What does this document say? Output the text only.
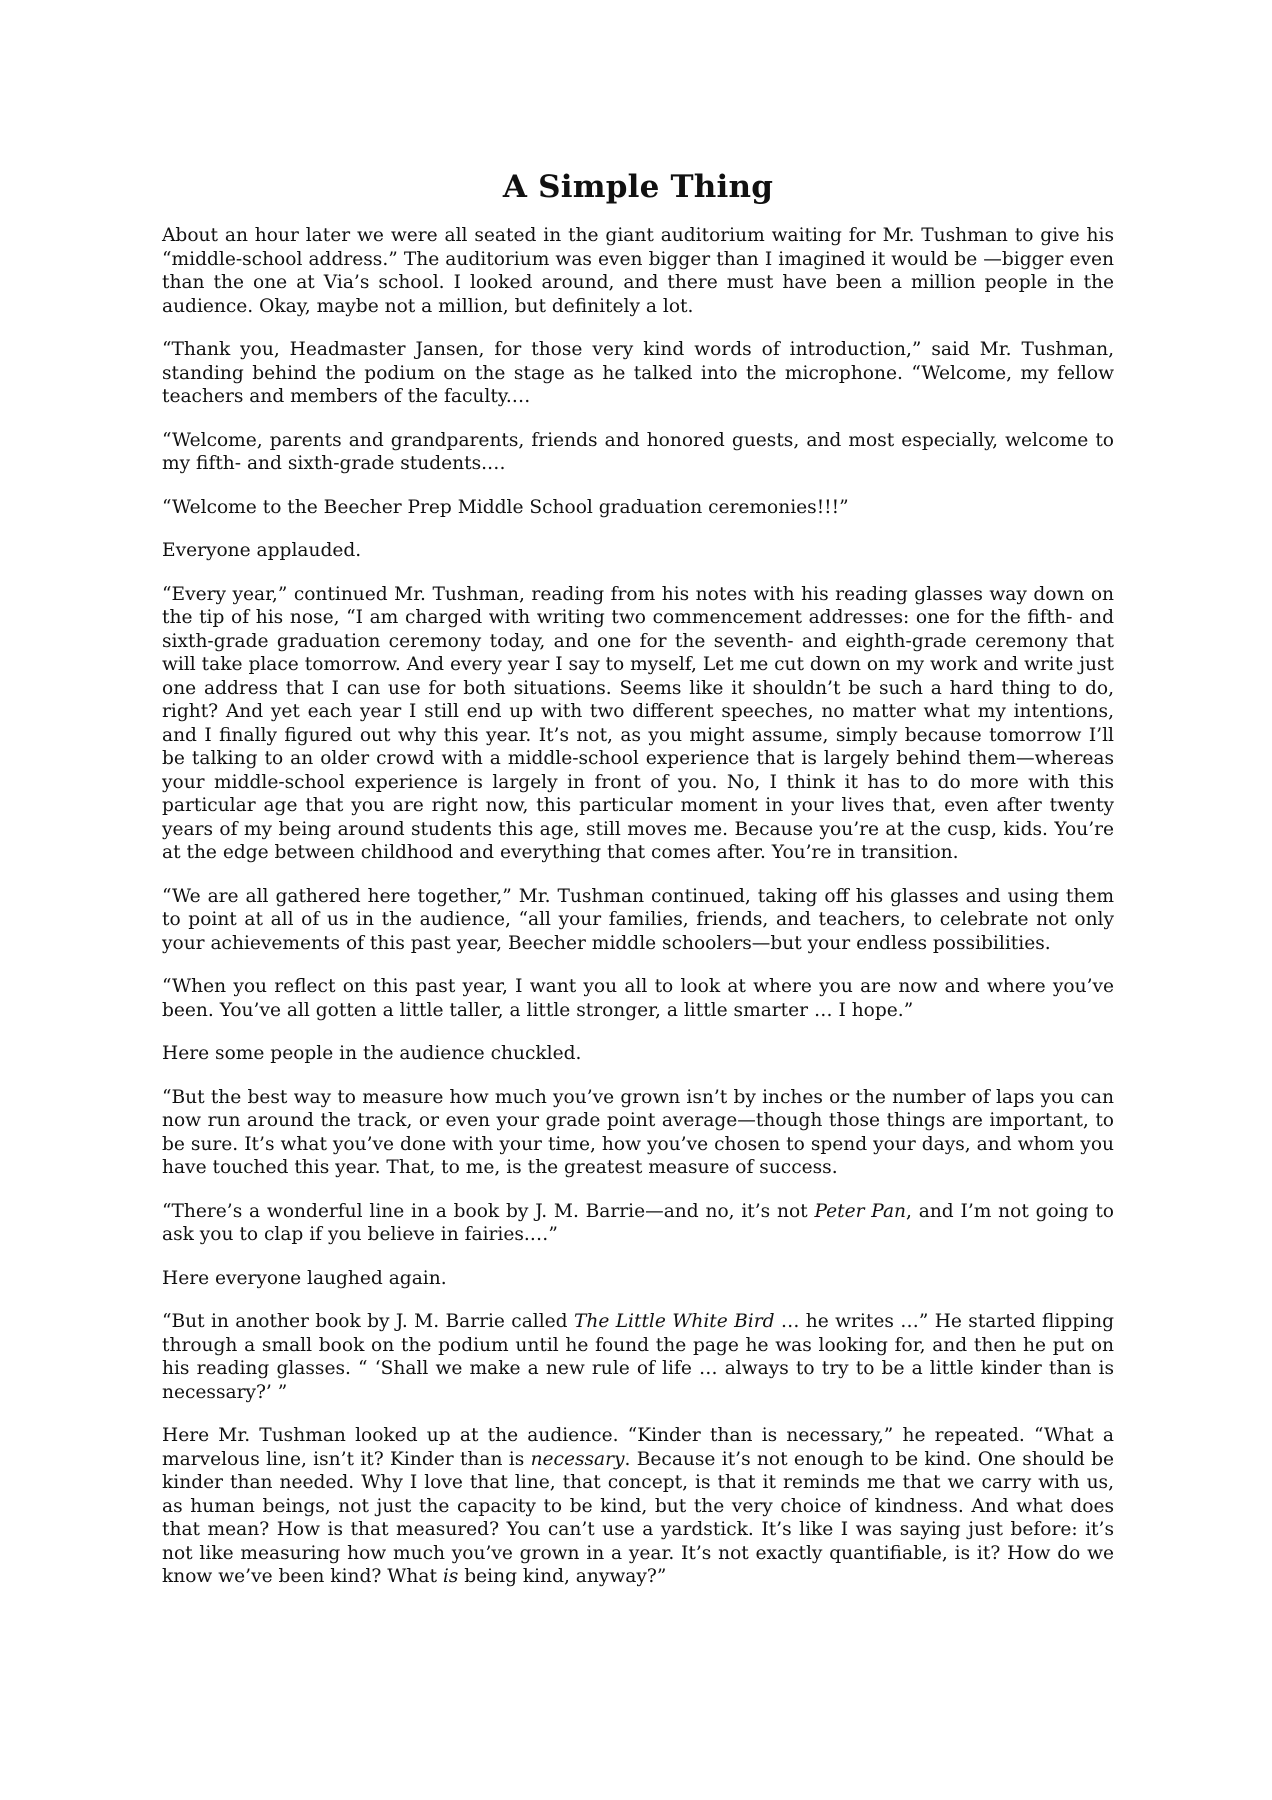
A Simple Thing

About an hour later we were all seated in the giant auditorium waiting for Mr. Tushman to give his “middle-school address.” The auditorium was even bigger than I imagined it would be —bigger even than the one at Via’s school. I looked around, and there must have been a million people in the audience. Okay, maybe not a million, but definitely a lot.

“Thank you, Headmaster Jansen, for those very kind words of introduction,” said Mr. Tushman, standing behind the podium on the stage as he talked into the microphone. “Welcome, my fellow teachers and members of the faculty.…

“Welcome, parents and grandparents, friends and honored guests, and most especially, welcome to my fifth- and sixth-grade students.…

“Welcome to the Beecher Prep Middle School graduation ceremonies!!!”

Everyone applauded.

“Every year,” continued Mr. Tushman, reading from his notes with his reading glasses way down on the tip of his nose, “I am charged with writing two commencement addresses: one for the fifth- and sixth-grade graduation ceremony today, and one for the seventh- and eighth-grade ceremony that will take place tomorrow. And every year I say to myself, Let me cut down on my work and write just one address that I can use for both situations. Seems like it shouldn’t be such a hard thing to do, right? And yet each year I still end up with two different speeches, no matter what my intentions, and I finally figured out why this year. It’s not, as you might assume, simply because tomorrow I’ll be talking to an older crowd with a middle-school experience that is largely behind them—whereas your middle-school experience is largely in front of you. No, I think it has to do more with this particular age that you are right now, this particular moment in your lives that, even after twenty years of my being around students this age, still moves me. Because you’re at the cusp, kids. You’re at the edge between childhood and everything that comes after. You’re in transition.

“We are all gathered here together,” Mr. Tushman continued, taking off his glasses and using them to point at all of us in the audience, “all your families, friends, and teachers, to celebrate not only your achievements of this past year, Beecher middle schoolers—but your endless possibilities.

“When you reflect on this past year, I want you all to look at where you are now and where you’ve been. You’ve all gotten a little taller, a little stronger, a little smarter … I hope.”

Here some people in the audience chuckled.

“But the best way to measure how much you’ve grown isn’t by inches or the number of laps you can now run around the track, or even your grade point average—though those things are important, to be sure. It’s what you’ve done with your time, how you’ve chosen to spend your days, and whom you have touched this year. That, to me, is the greatest measure of success.

“There’s a wonderful line in a book by J. M. Barrie—and no, it’s not Peter Pan, and I’m not going to ask you to clap if you believe in fairies.…”

Here everyone laughed again.

“But in another book by J. M. Barrie called The Little White Bird … he writes …” He started flipping through a small book on the podium until he found the page he was looking for, and then he put on his reading glasses. “ ‘Shall we make a new rule of life … always to try to be a little kinder than is necessary?’ ”

Here Mr. Tushman looked up at the audience. “Kinder than is necessary,” he repeated. “What a marvelous line, isn’t it? Kinder than is necessary. Because it’s not enough to be kind. One should be kinder than needed. Why I love that line, that concept, is that it reminds me that we carry with us, as human beings, not just the capacity to be kind, but the very choice of kindness. And what does that mean? How is that measured? You can’t use a yardstick. It’s like I was saying just before: it’s not like measuring how much you’ve grown in a year. It’s not exactly quantifiable, is it? How do we know we’ve been kind? What is being kind, anyway?”
